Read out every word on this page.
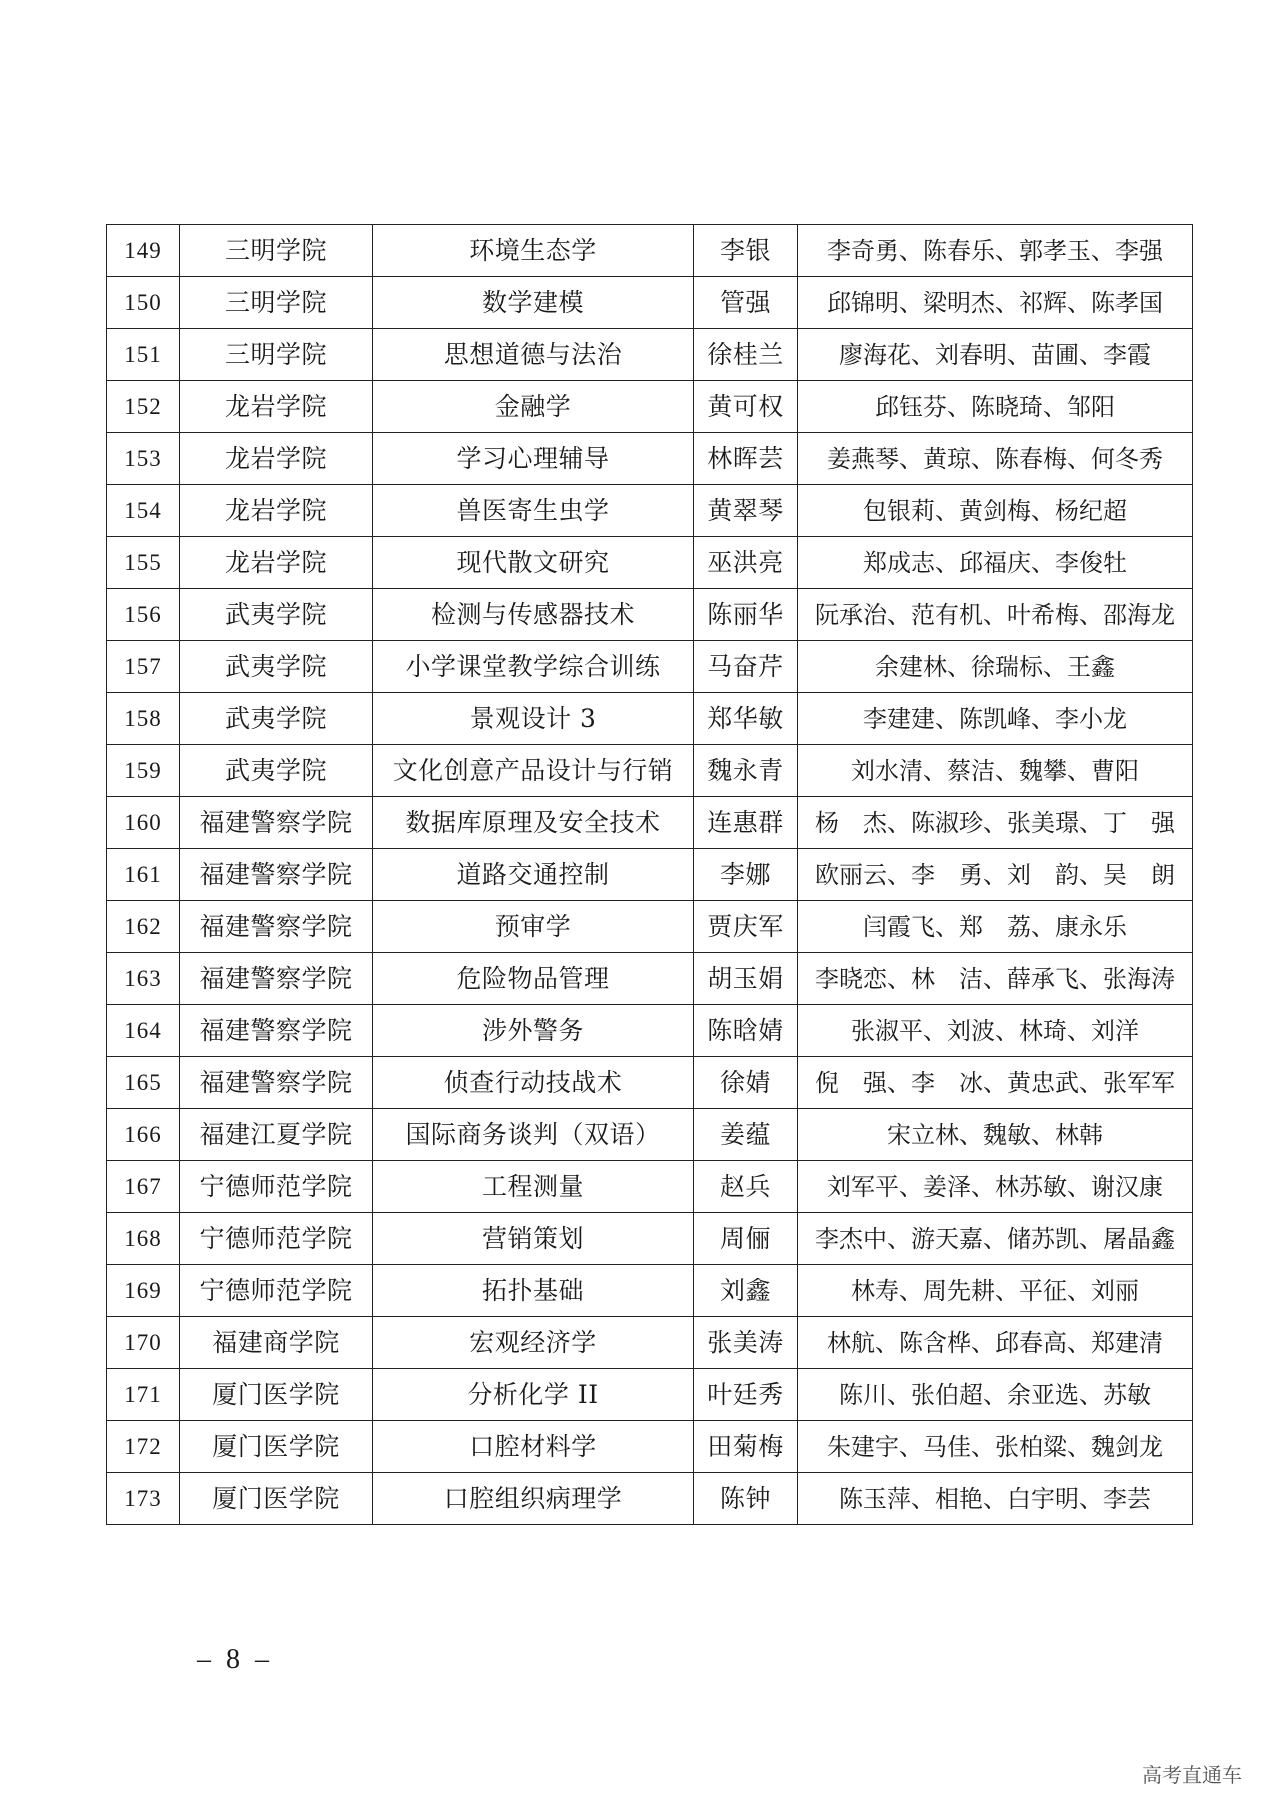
149	三明学院	环境生态学	李银	李奇勇、陈春乐、郭孝玉、李强
150	三明学院	数学建模	管强	邱锦明、梁明杰、祁辉、陈孝国
151	三明学院	思想道德与法治	徐桂兰	廖海花、刘春明、苗圃、李霞
152	龙岩学院	金融学	黄可权	邱钰芬、陈晓琦、邹阳
153	龙岩学院	学习心理辅导	林晖芸	姜燕琴、黄琼、陈春梅、何冬秀
154	龙岩学院	兽医寄生虫学	黄翠琴	包银莉、黄剑梅、杨纪超
155	龙岩学院	现代散文研究	巫洪亮	郑成志、邱福庆、李俊牡
156	武夷学院	检测与传感器技术	陈丽华	阮承治、范有机、叶希梅、邵海龙
157	武夷学院	小学课堂教学综合训练	马奋芹	余建林、徐瑞标、王鑫
158	武夷学院	景观设计 3	郑华敏	李建建、陈凯峰、李小龙
159	武夷学院	文化创意产品设计与行销	魏永青	刘水清、蔡洁、魏攀、曹阳
160	福建警察学院	数据库原理及安全技术	连惠群	杨　杰、陈淑珍、张美璟、丁　强
161	福建警察学院	道路交通控制	李娜	欧丽云、李　勇、刘　韵、吴　朗
162	福建警察学院	预审学	贾庆军	闫霞飞、郑　荔、康永乐
163	福建警察学院	危险物品管理	胡玉娟	李晓恋、林　洁、薛承飞、张海涛
164	福建警察学院	涉外警务	陈晗婧	张淑平、刘波、林琦、刘洋
165	福建警察学院	侦查行动技战术	徐婧	倪　强、李　冰、黄忠武、张军军
166	福建江夏学院	国际商务谈判（双语）	姜蕴	宋立林、魏敏、林韩
167	宁德师范学院	工程测量	赵兵	刘军平、姜泽、林苏敏、谢汉康
168	宁德师范学院	营销策划	周俪	李杰中、游天嘉、储苏凯、屠晶鑫
169	宁德师范学院	拓扑基础	刘鑫	林寿、周先耕、平征、刘丽
170	福建商学院	宏观经济学	张美涛	林航、陈含桦、邱春高、郑建清
171	厦门医学院	分析化学 II	叶廷秀	陈川、张伯超、余亚选、苏敏
172	厦门医学院	口腔材料学	田菊梅	朱建宇、马佳、张柏粱、魏剑龙
173	厦门医学院	口腔组织病理学	陈钟	陈玉萍、相艳、白宇明、李芸
– 8 –
高考直通车
